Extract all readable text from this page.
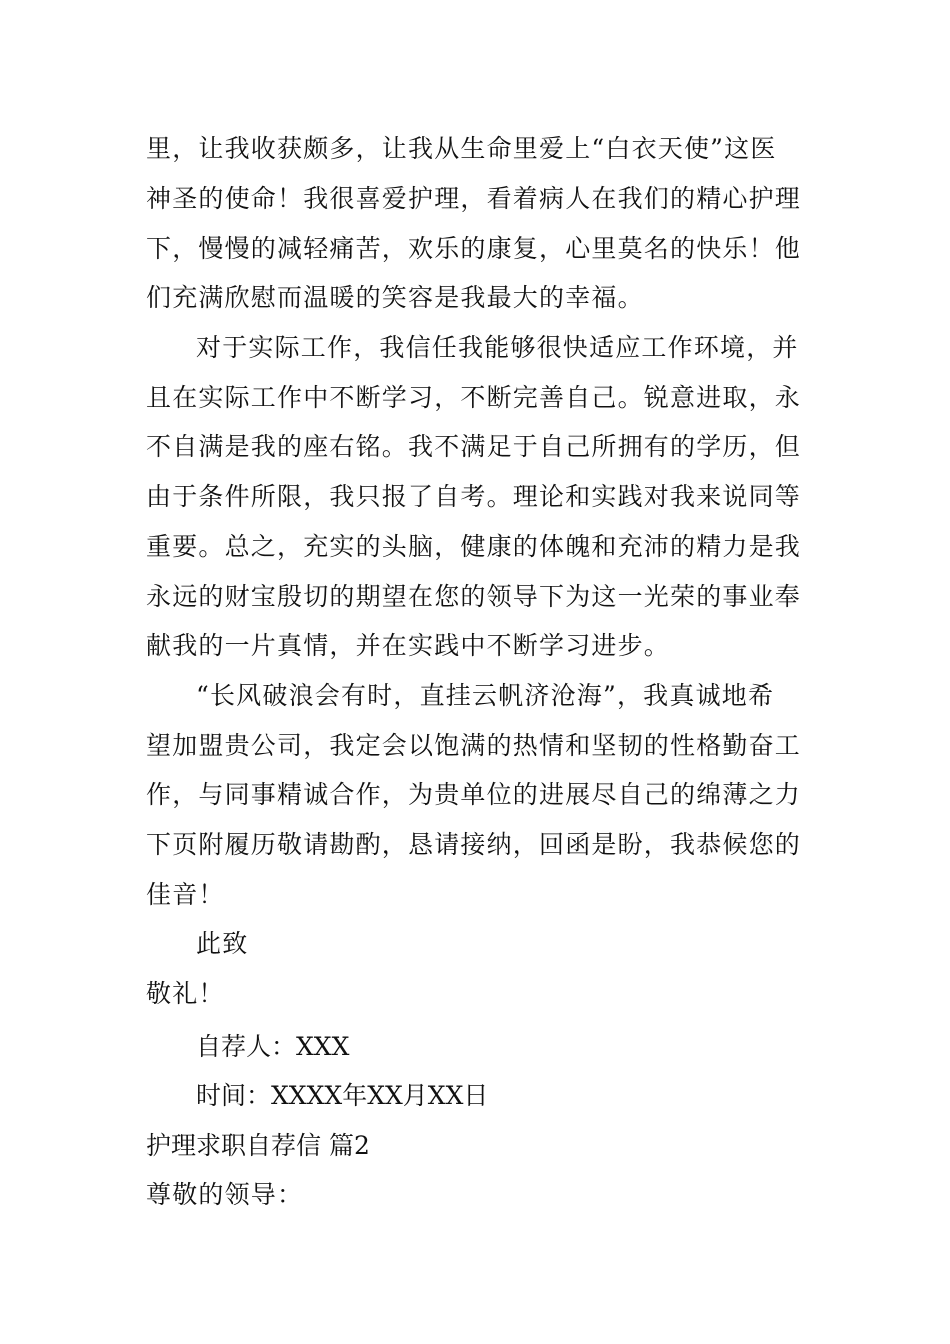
里，让我收获颇多，让我从生命里爱上“白衣天使”这医
神圣的使命！我很喜爱护理，看着病人在我们的精心护理
下，慢慢的减轻痛苦，欢乐的康复，心里莫名的快乐！他
们充满欣慰而温暖的笑容是我最大的幸福。
对于实际工作，我信任我能够很快适应工作环境，并
且在实际工作中不断学习，不断完善自己。锐意进取，永
不自满是我的座右铭。我不满足于自己所拥有的学历，但
由于条件所限，我只报了自考。理论和实践对我来说同等
重要。总之，充实的头脑，健康的体魄和充沛的精力是我
永远的财宝殷切的期望在您的领导下为这一光荣的事业奉
献我的一片真情，并在实践中不断学习进步。
“长风破浪会有时，直挂云帆济沧海”，我真诚地希
望加盟贵公司，我定会以饱满的热情和坚韧的性格勤奋工
作，与同事精诚合作，为贵单位的进展尽自己的绵薄之力
下页附履历敬请勘酌，恳请接纳，回函是盼，我恭候您的
佳音！
此致
敬礼！
自荐人：XXX
时间：XXXX年XX月XX日
护理求职自荐信 篇2
尊敬的领导：
